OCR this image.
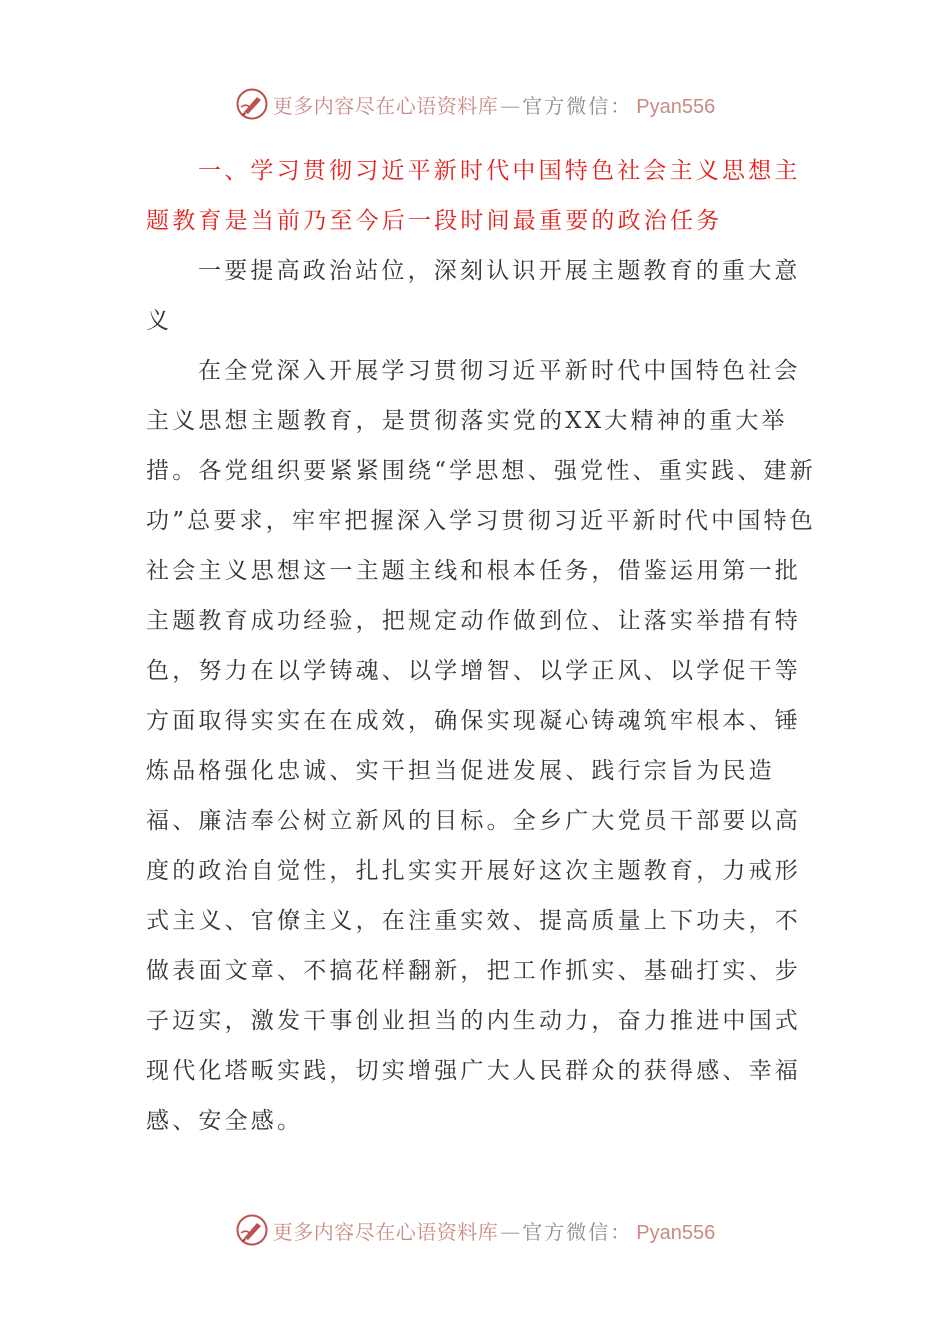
更多内容尽在心语资料库 — 官方微信： Pyan556

一、学习贯彻习近平新时代中国特色社会主义思想主题教育是当前乃至今后一段时间最重要的政治任务

一要提高政治站位，深刻认识开展主题教育的重大意义

在全党深入开展学习贯彻习近平新时代中国特色社会主义思想主题教育，是贯彻落实党的XX大精神的重大举措。各党组织要紧紧围绕“学思想、强党性、重实践、建新功”总要求，牢牢把握深入学习贯彻习近平新时代中国特色社会主义思想这一主题主线和根本任务，借鉴运用第一批主题教育成功经验，把规定动作做到位、让落实举措有特色，努力在以学铸魂、以学增智、以学正风、以学促干等方面取得实实在在成效，确保实现凝心铸魂筑牢根本、锤炼品格强化忠诚、实干担当促进发展、践行宗旨为民造福、廉洁奉公树立新风的目标。全乡广大党员干部要以高度的政治自觉性，扎扎实实开展好这次主题教育，力戒形式主义、官僚主义，在注重实效、提高质量上下功夫，不做表面文章、不搞花样翻新，把工作抓实、基础打实、步子迈实，激发干事创业担当的内生动力，奋力推进中国式现代化塔畈实践，切实增强广大人民群众的获得感、幸福感、安全感。

更多内容尽在心语资料库 — 官方微信： Pyan556
